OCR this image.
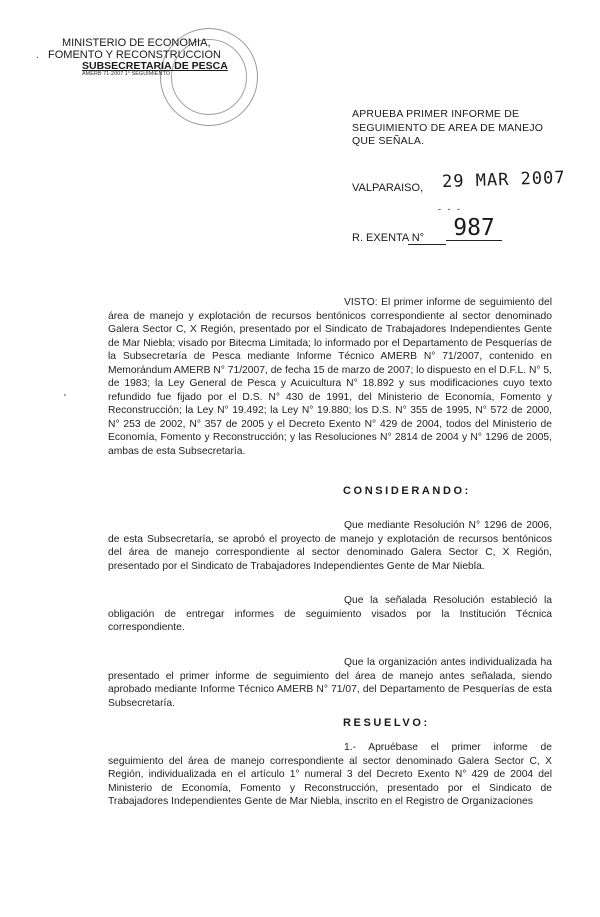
MINISTERIO DE ECONOMIA,
FOMENTO Y RECONSTRUCCION
SUBSECRETARIA DE PESCA
AMERB 71-2007 1° SEGUIMIENTO
APRUEBA PRIMER INFORME DE SEGUIMIENTO DE AREA DE MANEJO QUE SEÑALA.
VALPARAISO, 29 MAR 2007
- - -
R. EXENTA N°	987
VISTO: El primer informe de seguimiento del área de manejo y explotación de recursos bentónicos correspondiente al sector denominado Galera Sector C, X Región, presentado por el Sindicato de Trabajadores Independientes Gente de Mar Niebla; visado por Bitecma Limitada; lo informado por el Departamento de Pesquerías de la Subsecretaría de Pesca mediante Informe Técnico AMERB N° 71/2007, contenido en Memorándum AMERB N° 71/2007, de fecha 15 de marzo de 2007; lo dispuesto en el D.F.L. N° 5, de 1983; la Ley General de Pesca y Acuicultura N° 18.892 y sus modificaciones cuyo texto refundido fue fijado por el D.S. N° 430 de 1991, del Ministerio de Economía, Fomento y Reconstrucción; la Ley N° 19.492; la Ley N° 19.880; los D.S. N° 355 de 1995, N° 572 de 2000, N° 253 de 2002, N° 357 de 2005 y el Decreto Exento N° 429 de 2004, todos del Ministerio de Economía, Fomento y Reconstrucción; y las Resoluciones N° 2814 de 2004 y N° 1296 de 2005, ambas de esta Subsecretaría.
CONSIDERANDO:
Que mediante Resolución N° 1296 de 2006, de esta Subsecretaría, se aprobó el proyecto de manejo y explotación de recursos bentónicos del área de manejo correspondiente al sector denominado Galera Sector C, X Región, presentado por el Sindicato de Trabajadores Independientes Gente de Mar Niebla.
Que la señalada Resolución estableció la obligación de entregar informes de seguimiento visados por la Institución Técnica correspondiente.
Que la organización antes individualizada ha presentado el primer informe de seguimiento del área de manejo antes señalada, siendo aprobado mediante Informe Técnico AMERB N° 71/07, del Departamento de Pesquerías de esta Subsecretaría.
RESUELVO:
1.- Apruébase el primer informe de seguimiento del área de manejo correspondiente al sector denominado Galera Sector C, X Región, individualizada en el artículo 1° numeral 3 del Decreto Exento N° 429 de 2004 del Ministerio de Economía, Fomento y Reconstrucción, presentado por el Sindicato de Trabajadores Independientes Gente de Mar Niebla, inscrito en el Registro de Organizaciones
·
'
